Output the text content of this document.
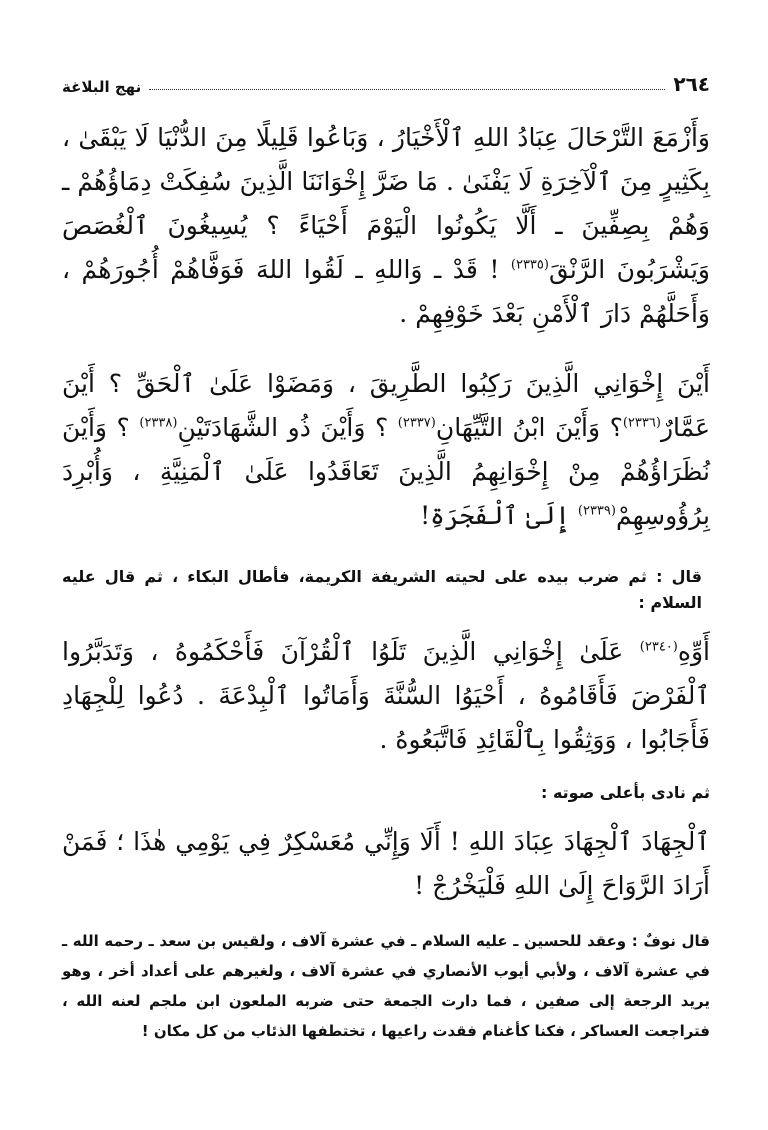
٢٦٤
نهج البلاغة

وَأَزْمَعَ التَّرْحَالَ عِبَادُ اللهِ ٱلْأَخْيَارُ ، وَبَاعُوا قَلِيلًا مِنَ الدُّنْيَا لَا يَبْقَىٰ ، بِكَثِيرٍ مِنَ ٱلْآخِرَةِ لَا يَفْنَىٰ . مَا ضَرَّ إِخْوَانَنَا الَّذِينَ سُفِكَتْ دِمَاؤُهُمْ ـ وَهُمْ بِصِفِّينَ ـ أَلَّا يَكُونُوا الْيَوْمَ أَحْيَاءً ؟ يُسِيغُونَ ٱلْغُصَصَ وَيَشْرَبُونَ الرَّنْقَ$^{(٢٣٣٥)}$ ! قَدْ ـ وَاللهِ ـ لَقُوا اللهَ فَوَفَّاهُمْ أُجُورَهُمْ ، وَأَحَلَّهُمْ دَارَ ٱلْأَمْنِ بَعْدَ خَوْفِهِمْ .

أَيْنَ إِخْوَانِي الَّذِينَ رَكِبُوا الطَّرِيقَ ، وَمَضَوْا عَلَىٰ ٱلْحَقِّ ؟ أَيْنَ عَمَّارٌ$^{(٢٣٣٦)}$؟ وَأَيْنَ ابْنُ التَّيِّهَانِ$^{(٢٣٣٧)}$ ؟ وَأَيْنَ ذُو الشَّهَادَتَيْنِ$^{(٢٣٣٨)}$ ؟ وَأَيْنَ نُظَرَاؤُهُمْ مِنْ إِخْوَانِهِمُ الَّذِينَ تَعَاقَدُوا عَلَىٰ ٱلْمَنِيَّةِ ، وَأُبْرِدَ بِرُؤُوسِهِمْ$^{(٢٣٣٩)}$ إِلَىٰ ٱلْفَجَرَةِ!

قال : ثم ضرب بيده على لحيته الشريفة الكريمة، فأطال البكاء ، ثم قال عليه السلام :

أَوِّهِ$^{(٢٣٤٠)}$ عَلَىٰ إِخْوَانِي الَّذِينَ تَلَوُا ٱلْقُرْآنَ فَأَحْكَمُوهُ ، وَتَدَبَّرُوا ٱلْفَرْضَ فَأَقَامُوهُ ، أَحْيَوُا السُّنَّةَ وَأَمَاتُوا ٱلْبِدْعَةَ . دُعُوا لِلْجِهَادِ فَأَجَابُوا ، وَوَثِقُوا بِٱلْقَائِدِ فَاتَّبَعُوهُ .

ثم نادى بأعلى صوته :

ٱلْجِهَادَ ٱلْجِهَادَ عِبَادَ اللهِ ! أَلَا وَإِنِّي مُعَسْكِرٌ فِي يَوْمِي هٰذَا ؛ فَمَنْ أَرَادَ الرَّوَاحَ إِلَىٰ اللهِ فَلْيَخْرُجْ !

قال نوفٌ : وعقد للحسين ـ عليه السلام ـ في عشرة آلاف ، ولقيس بن سعد ـ رحمه الله ـ في عشرة آلاف ، ولأبي أيوب الأنصاري في عشرة آلاف ، ولغيرهم على أعداد أخر ، وهو يريد الرجعة إلى صفين ، فما دارت الجمعة حتى ضربه الملعون ابن ملجم لعنه الله ، فتراجعت العساكر ، فكنا كأغنام فقدت راعيها ، تختطفها الذئاب من كل مكان !
